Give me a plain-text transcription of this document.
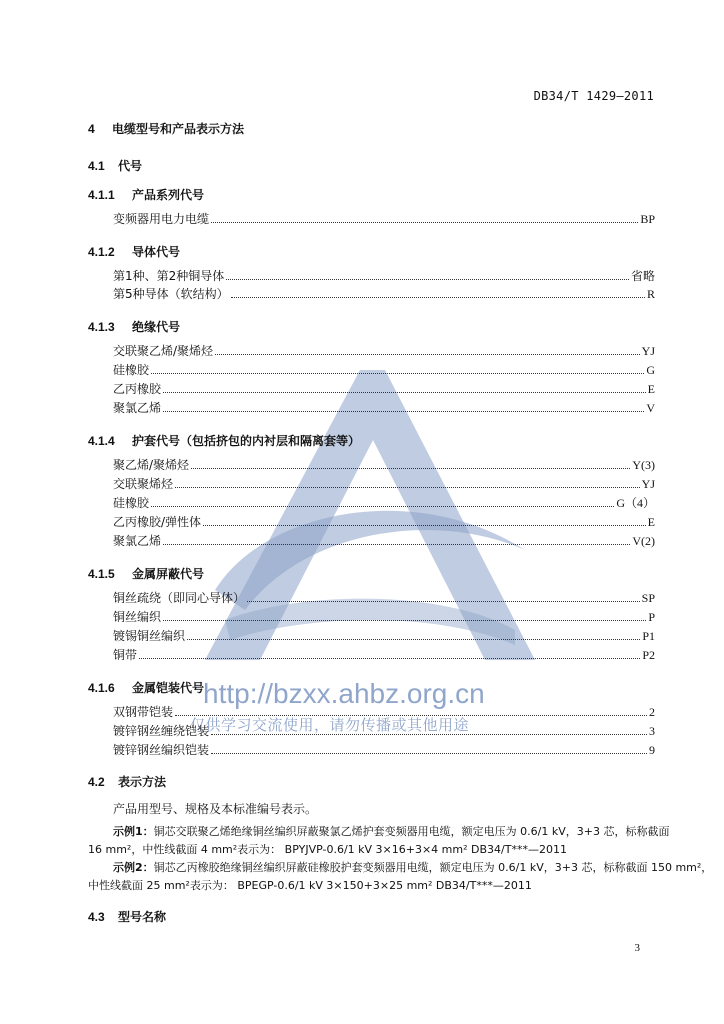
http://bzxx.ahbz.org.cn
仅供学习交流使用，请勿传播或其他用途
DB34/T 1429—2011
4 电缆型号和产品表示方法
4.1 代号
4.1.1 产品系列代号
变频器用电力电缆	BP
4.1.2 导体代号
第1种、第2种铜导体	省略
第5种导体（软结构）	R
4.1.3 绝缘代号
交联聚乙烯/聚烯烃	YJ
硅橡胶	G
乙丙橡胶	E
聚氯乙烯	V
4.1.4 护套代号（包括挤包的内衬层和隔离套等）
聚乙烯/聚烯烃	Y(3)
交联聚烯烃	YJ
硅橡胶	G（4）
乙丙橡胶/弹性体	E
聚氯乙烯	V(2)
4.1.5 金属屏蔽代号
铜丝疏绕（即同心导体）	SP
铜丝编织	P
镀锡铜丝编织	P1
铜带	P2
4.1.6 金属铠装代号
双钢带铠装	2
镀锌钢丝缠绕铠装	3
镀锌钢丝编织铠装	9
4.2 表示方法
产品用型号、规格及本标准编号表示。
示例1：铜芯交联聚乙烯绝缘铜丝编织屏蔽聚氯乙烯护套变频器用电缆，额定电压为 0.6/1 kV，3+3 芯，标称截面
16 mm²，中性线截面 4 mm²表示为： BPYJVP-0.6/1 kV 3×16+3×4 mm² DB34/T***—2011
示例2：铜芯乙丙橡胶绝缘铜丝编织屏蔽硅橡胶护套变频器用电缆，额定电压为 0.6/1 kV，3+3 芯，标称截面 150 mm²，
中性线截面 25 mm²表示为： BPEGP-0.6/1 kV 3×150+3×25 mm² DB34/T***—2011
4.3 型号名称
3
